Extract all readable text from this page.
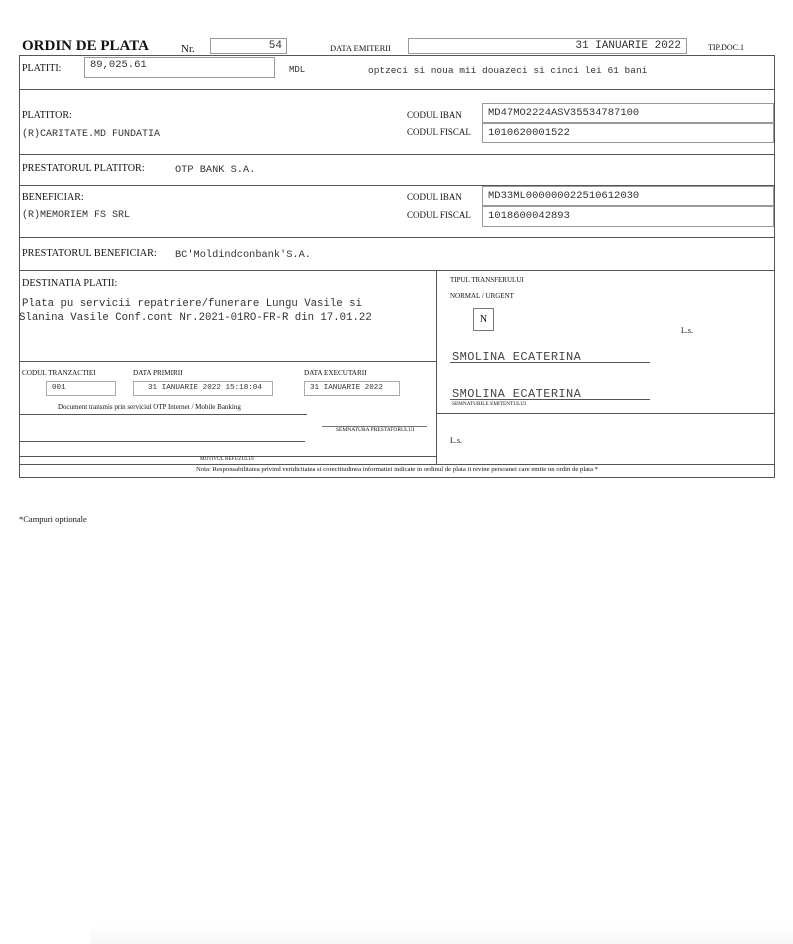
ORDIN DE PLATA	Nr.	54	DATA EMITERII	31 IANUARIE 2022	TIP.DOC.1
PLATITI:	89,025.61	MDL	optzeci si noua mii douazeci si cinci lei 61 bani
PLATITOR:
(R)CARITATE.MD FUNDATIA
CODUL IBAN	MD47MO2224ASV35534787100
CODUL FISCAL	1010620001522
PRESTATORUL PLATITOR:	OTP BANK S.A.
BENEFICIAR:
(R)MEMORIEM FS SRL
CODUL IBAN	MD33ML000000022510612030
CODUL FISCAL	1018600042893
PRESTATORUL BENEFICIAR: BC'Moldindconbank'S.A.
DESTINATIA PLATII:
Plata pu servicii repatriere/funerare Lungu Vasile si
Slanina Vasile Conf.cont Nr.2021-01RO-FR-R din 17.01.22
TIPUL TRANSFERULUI
NORMAL / URGENT
N
L.s.
SMOLINA ECATERINA
SMOLINA ECATERINA
SEMNATURILE EMITENTULUI
L.s.
CODUL TRANZACTIEI	DATA PRIMIRII	DATA EXECUTARII
001	31 IANUARIE 2022 15:18:04	31 IANUARIE 2022
Document transmis prin serviciul OTP Internet / Mobile Banking
SEMNATURA PRESTATORULUI
MOTIVUL REFUZULUI
Nota: Responsabilitatea privind veridicitatea si corectitudinea informatiei indicate in ordinul de plata ii revine persoanei care emite un ordin de plata *
*Campuri optionale
